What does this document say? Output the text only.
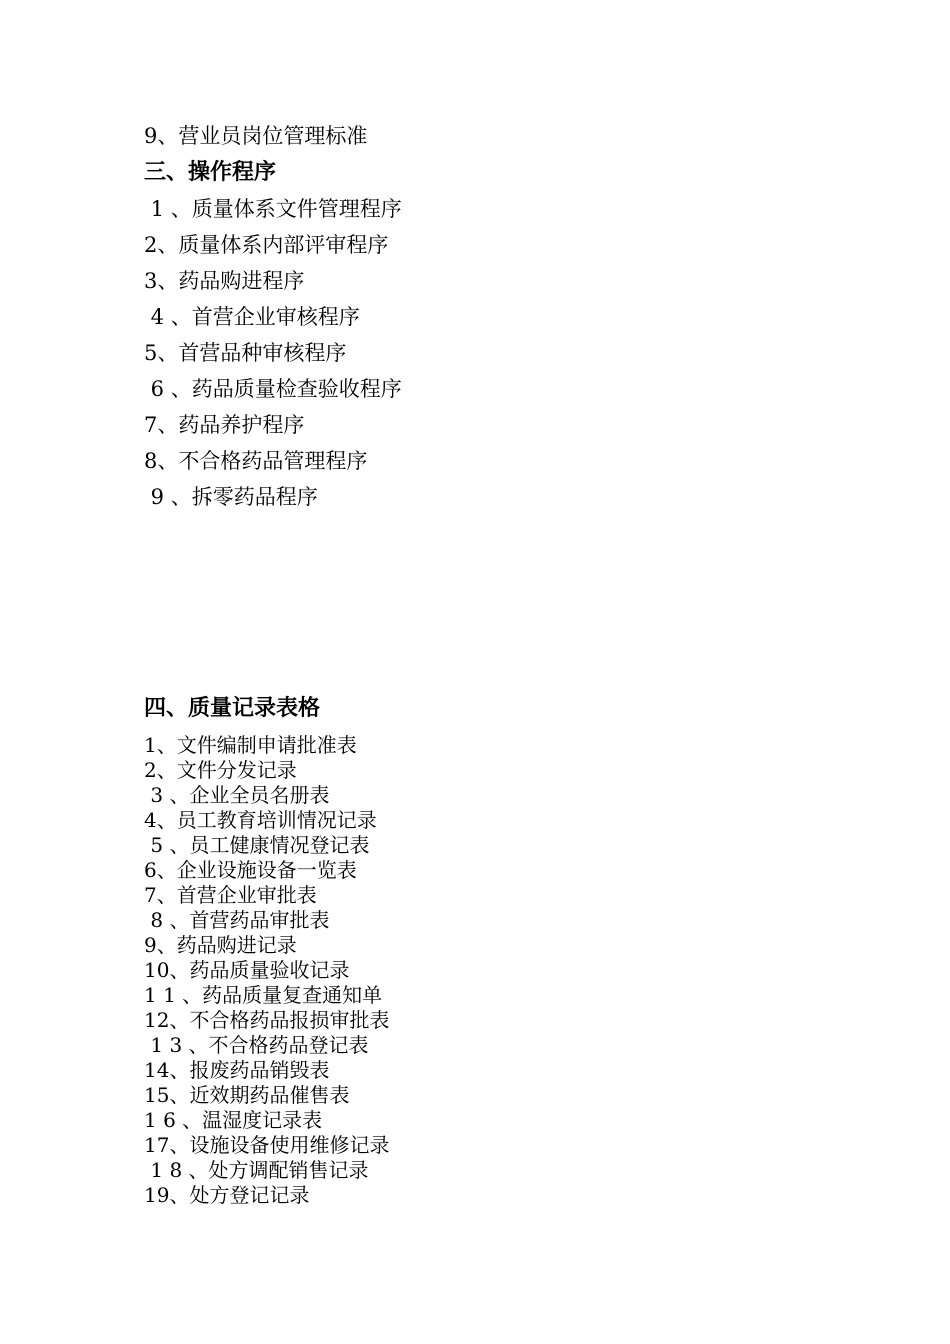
9、营业员岗位管理标准
三、操作程序
1 、质量体系文件管理程序
2、质量体系内部评审程序
3、药品购进程序
4 、首营企业审核程序
5、首营品种审核程序
6 、药品质量检查验收程序
7、药品养护程序
8、不合格药品管理程序
9 、拆零药品程序
四、质量记录表格
1、文件编制申请批准表
2、文件分发记录
3 、企业全员名册表
4、员工教育培训情况记录
5 、员工健康情况登记表
6、企业设施设备一览表
7、首营企业审批表
8 、首营药品审批表
9、药品购进记录
10、药品质量验收记录
1 1 、药品质量复查通知单
12、不合格药品报损审批表
1 3 、不合格药品登记表
14、报废药品销毁表
15、近效期药品催售表
1 6 、温湿度记录表
17、设施设备使用维修记录
1 8 、处方调配销售记录
19、处方登记记录
